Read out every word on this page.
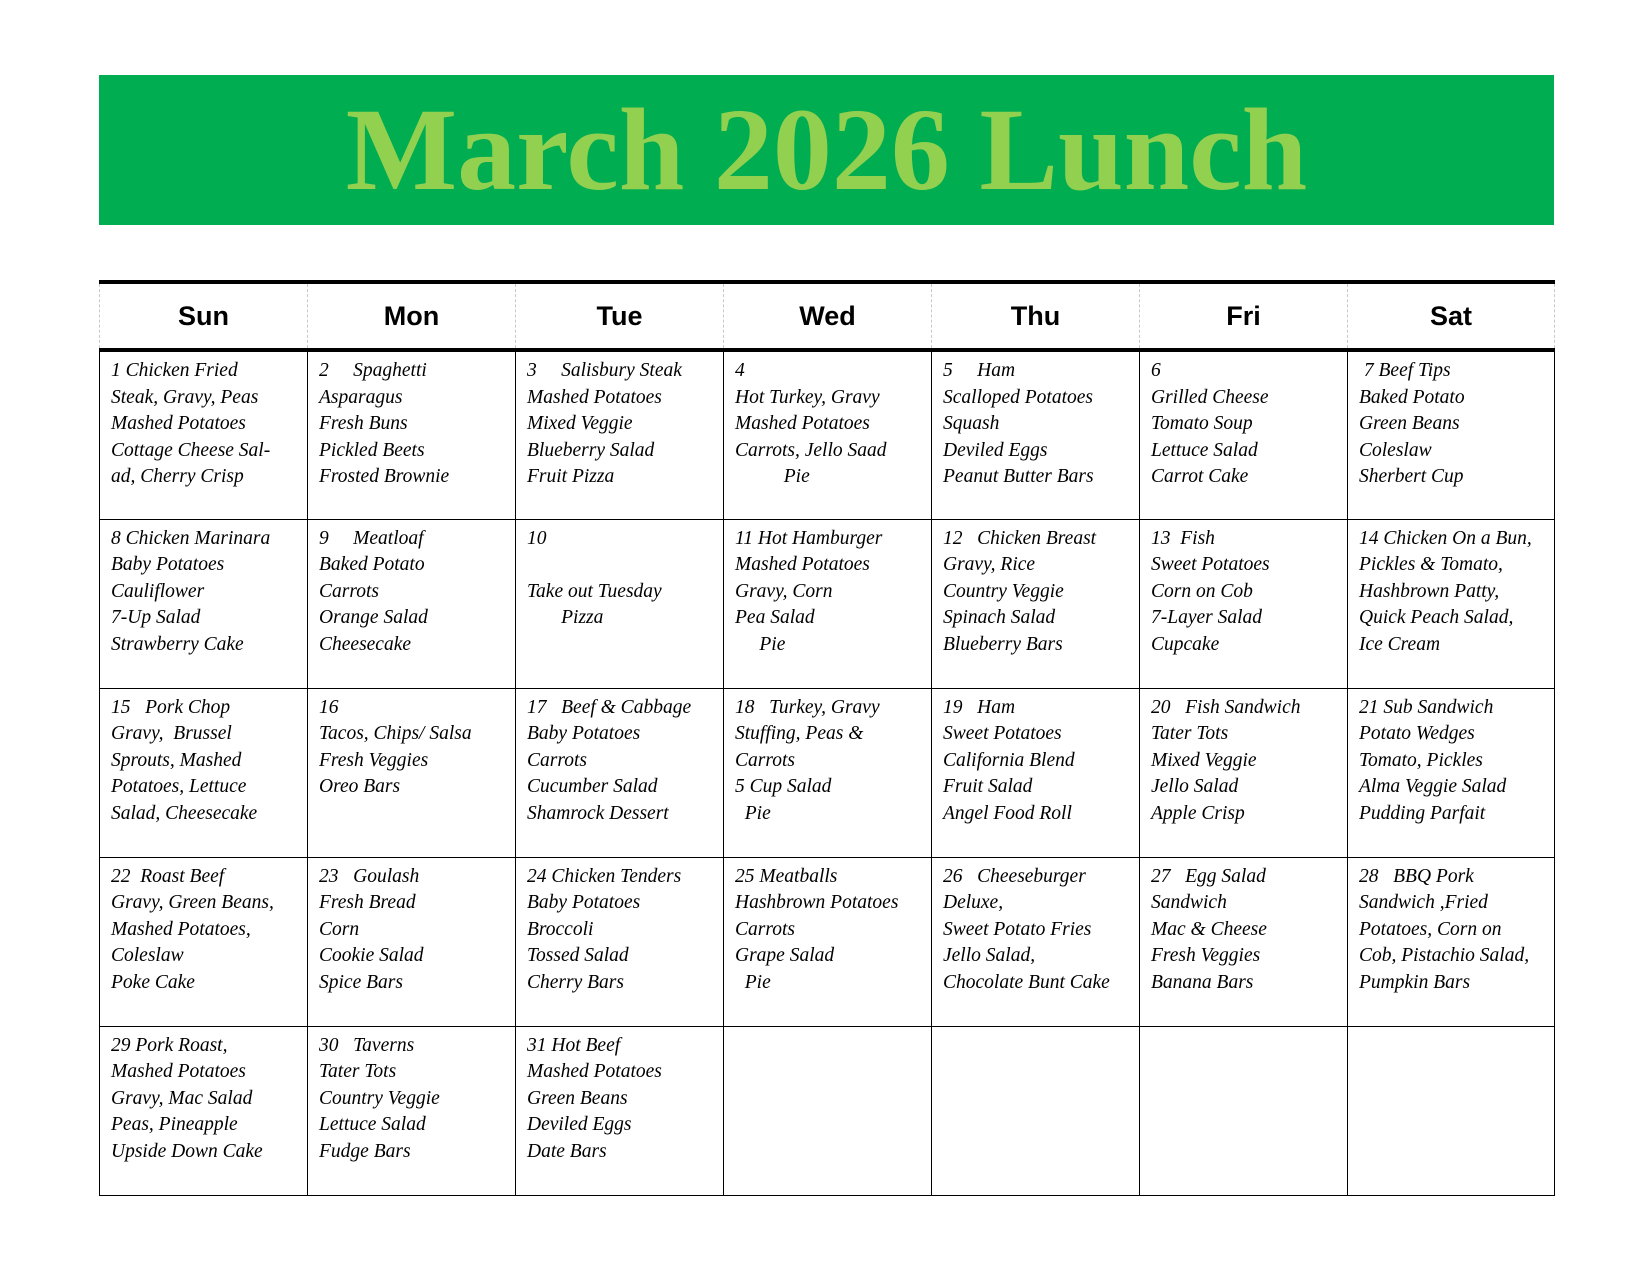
March 2026 Lunch
Sun	Mon	Tue	Wed	Thu	Fri	Sat
1 Chicken Fried
Steak, Gravy, Peas
Mashed Potatoes
Cottage Cheese Sal-
ad, Cherry Crisp	2     Spaghetti
Asparagus
Fresh Buns
Pickled Beets
Frosted Brownie	3     Salisbury Steak
Mashed Potatoes
Mixed Veggie
Blueberry Salad
Fruit Pizza	4
Hot Turkey, Gravy
Mashed Potatoes
Carrots, Jello Saad
Pie	5     Ham
Scalloped Potatoes
Squash
Deviled Eggs
Peanut Butter Bars	6
Grilled Cheese
Tomato Soup
Lettuce Salad
Carrot Cake	7 Beef Tips
Baked Potato
Green Beans
Coleslaw
Sherbert Cup
8 Chicken Marinara
Baby Potatoes
Cauliflower
7-Up Salad
Strawberry Cake	9     Meatloaf
Baked Potato
Carrots
Orange Salad
Cheesecake	10

Take out Tuesday
Pizza	11 Hot Hamburger
Mashed Potatoes
Gravy, Corn
Pea Salad
Pie	12   Chicken Breast
Gravy, Rice
Country Veggie
Spinach Salad
Blueberry Bars	13  Fish
Sweet Potatoes
Corn on Cob
7-Layer Salad
Cupcake	14 Chicken On a Bun,
Pickles & Tomato,
Hashbrown Patty,
Quick Peach Salad,
Ice Cream
15   Pork Chop
Gravy,  Brussel
Sprouts, Mashed
Potatoes, Lettuce
Salad, Cheesecake	16
Tacos, Chips/ Salsa
Fresh Veggies
Oreo Bars	17   Beef & Cabbage
Baby Potatoes
Carrots
Cucumber Salad
Shamrock Dessert	18   Turkey, Gravy
Stuffing, Peas &
Carrots
5 Cup Salad
Pie	19   Ham
Sweet Potatoes
California Blend
Fruit Salad
Angel Food Roll	20   Fish Sandwich
Tater Tots
Mixed Veggie
Jello Salad
Apple Crisp	21 Sub Sandwich
Potato Wedges
Tomato, Pickles
Alma Veggie Salad
Pudding Parfait
22  Roast Beef
Gravy, Green Beans,
Mashed Potatoes,
Coleslaw
Poke Cake	23   Goulash
Fresh Bread
Corn
Cookie Salad
Spice Bars	24 Chicken Tenders
Baby Potatoes
Broccoli
Tossed Salad
Cherry Bars	25 Meatballs
Hashbrown Potatoes
Carrots
Grape Salad
Pie	26   Cheeseburger
Deluxe,
Sweet Potato Fries
Jello Salad,
Chocolate Bunt Cake	27   Egg Salad
Sandwich
Mac & Cheese
Fresh Veggies
Banana Bars	28   BBQ Pork
Sandwich ,Fried
Potatoes, Corn on
Cob, Pistachio Salad,
Pumpkin Bars
29 Pork Roast,
Mashed Potatoes
Gravy, Mac Salad
Peas, Pineapple
Upside Down Cake	30   Taverns
Tater Tots
Country Veggie
Lettuce Salad
Fudge Bars	31 Hot Beef
Mashed Potatoes
Green Beans
Deviled Eggs
Date Bars				
